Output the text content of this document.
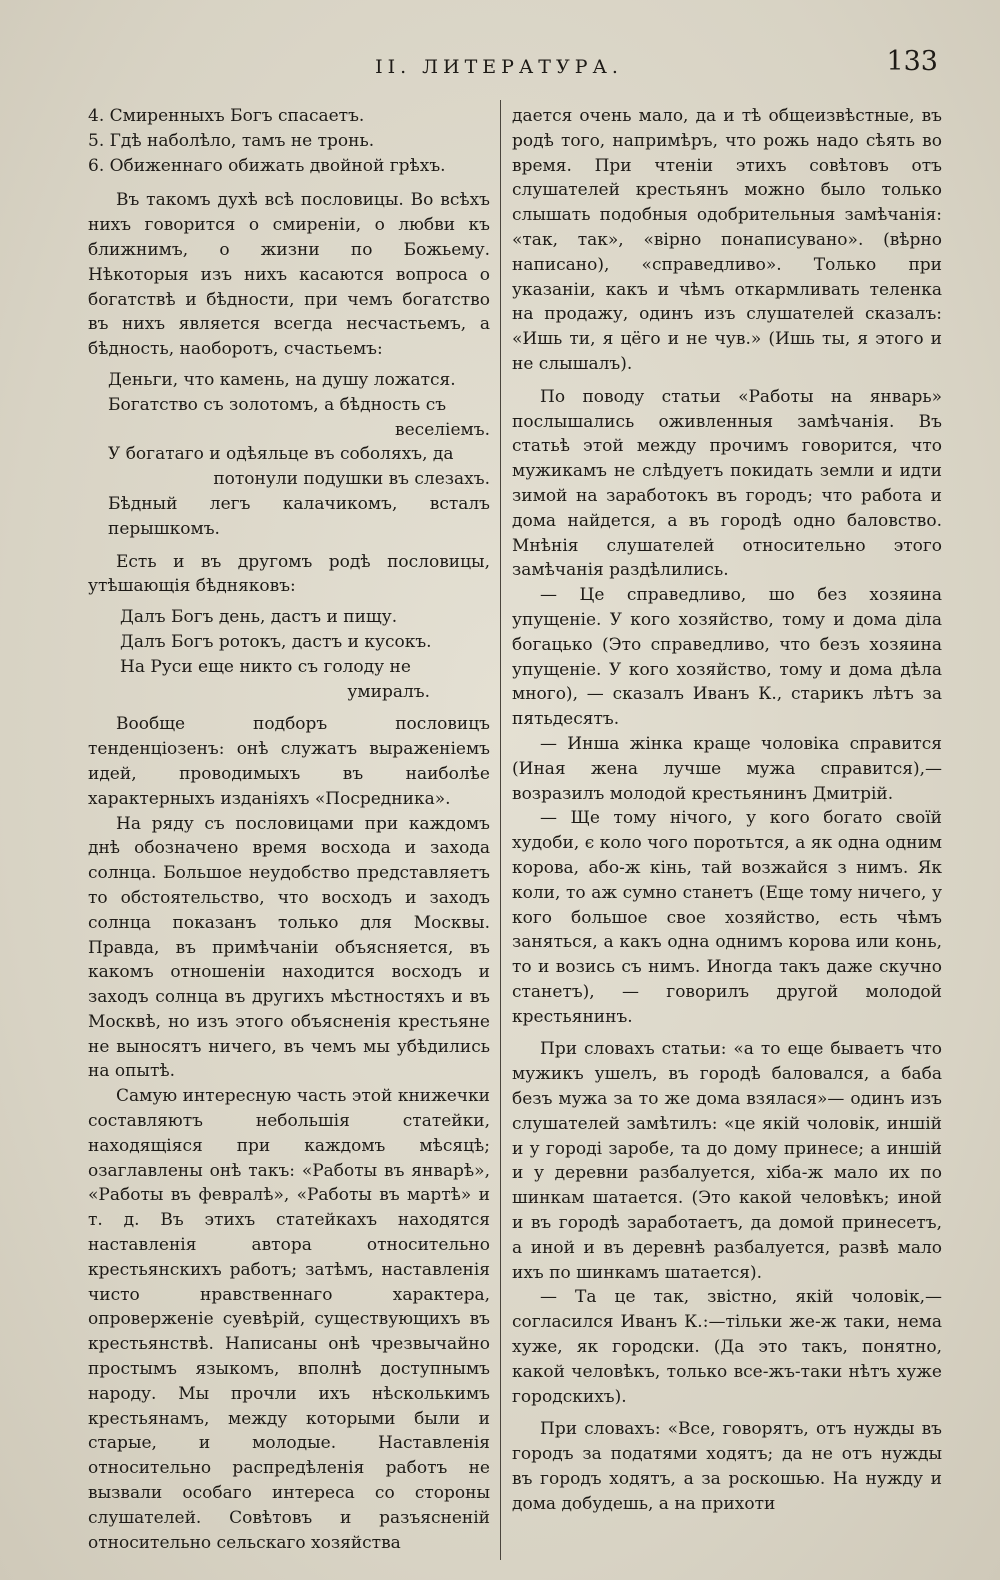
II. ЛИТЕРАТУРА.	133
4. Смиренныхъ Богъ спасаетъ.
5. Гдѣ наболѣло, тамъ не тронь.
6. Обиженнаго обижать двойной грѣхъ.

Въ такомъ духѣ всѣ пословицы. Во всѣхъ нихъ говорится о смиреніи, о любви къ ближнимъ, о жизни по Божьему. Нѣкоторыя изъ нихъ касаются вопроса о богатствѣ и бѣдности, при чемъ богатство въ нихъ является всегда несчастьемъ, а бѣдность, наоборотъ, счастьемъ:

Деньги, что камень, на душу ложатся.
Богатство съ золотомъ, а бѣдность съ
веселіемъ.
У богатаго и одѣяльце въ соболяхъ, да
потонули подушки въ слезахъ.
Бѣдный легъ калачикомъ, всталъ перышкомъ.

Есть и въ другомъ родѣ пословицы, утѣшающія бѣдняковъ:

Далъ Богъ день, дастъ и пищу.
Далъ Богъ ротокъ, дастъ и кусокъ.
На Руси еще никто съ голоду не
умиралъ.

Вообще подборъ пословицъ тенденціозенъ: онѣ служатъ выраженіемъ идей, проводимыхъ въ наиболѣе характерныхъ изданіяхъ «Посредника».

На ряду съ пословицами при каждомъ днѣ обозначено время восхода и захода солнца. Большое неудобство представляетъ то обстоятельство, что восходъ и заходъ солнца показанъ только для Москвы. Правда, въ примѣчаніи объясняется, въ какомъ отношеніи находится восходъ и заходъ солнца въ другихъ мѣстностяхъ и въ Москвѣ, но изъ этого объясненія крестьяне не выносятъ ничего, въ чемъ мы убѣдились на опытѣ.

Самую интересную часть этой книжечки составляютъ небольшія статейки, находящіяся при каждомъ мѣсяцѣ; озаглавлены онѣ такъ: «Работы въ январѣ», «Работы въ февралѣ», «Работы въ мартѣ» и т. д. Въ этихъ статейкахъ находятся наставленія автора относительно крестьянскихъ работъ; затѣмъ, наставленія чисто нравственнаго характера, опроверженіе суевѣрій, существующихъ въ крестьянствѣ. Написаны онѣ чрезвычайно простымъ языкомъ, вполнѣ доступнымъ народу. Мы прочли ихъ нѣсколькимъ крестьянамъ, между которыми были и старые, и молодые. Наставленія относительно распредѣленія работъ не вызвали особаго интереса со стороны слушателей. Совѣтовъ и разъясненій относительно сельскаго хозяйства

дается очень мало, да и тѣ общеизвѣстные, въ родѣ того, напримѣръ, что рожь надо сѣять во время. При чтеніи этихъ совѣтовъ отъ слушателей крестьянъ можно было только слышать подобныя одобрительныя замѣчанія: «так, так», «вірно понаписувано». (вѣрно написано), «справедливо». Только при указаніи, какъ и чѣмъ откармливать теленка на продажу, одинъ изъ слушателей сказалъ: «Ишь ти, я цёго и не чув.» (Ишь ты, я этого и не слышалъ).

По поводу статьи «Работы на январь» послышались оживленныя замѣчанія. Въ статьѣ этой между прочимъ говорится, что мужикамъ не слѣдуетъ покидать земли и идти зимой на заработокъ въ городъ; что работа и дома найдется, а въ городѣ одно баловство. Мнѣнія слушателей относительно этого замѣчанія раздѣлились.

— Це справедливо, шо без хозяина упущеніе. У кого хозяйство, тому и дома діла богацько (Это справедливо, что безъ хозяина упущеніе. У кого хозяйство, тому и дома дѣла много), — сказалъ Иванъ К., старикъ лѣтъ за пятьдесятъ.

— Инша жінка краще чоловіка справится (Иная жена лучше мужа справится),—возразилъ молодой крестьянинъ Дмитрій.

— Ще тому нічого, у кого богато своїй худоби, є коло чого поротьтся, а як одна одним корова, або-ж кінь, тай возжайся з нимъ. Як коли, то аж сумно станетъ (Еще тому ничего, у кого большое свое хозяйство, есть чѣмъ заняться, а какъ одна однимъ корова или конь, то и возись съ нимъ. Иногда такъ даже скучно станетъ), — говорилъ другой молодой крестьянинъ.

При словахъ статьи: «а то еще бываетъ что мужикъ ушелъ, въ городѣ баловался, а баба безъ мужа за то же дома взялася»— одинъ изъ слушателей замѣтилъ: «це якій чоловік, иншій и у городі заробе, та до дому принесе; а иншій и у деревни разбалуется, хіба-ж мало их по шинкам шатается. (Это какой человѣкъ; иной и въ городѣ заработаетъ, да домой принесетъ, а иной и въ деревнѣ разбалуется, развѣ мало ихъ по шинкамъ шатается).

— Та це так, звістно, якій чоловік,—согласился Иванъ К.:—тільки же-ж таки, нема хуже, як городски. (Да это такъ, понятно, какой человѣкъ, только все-жъ-таки нѣтъ хуже городскихъ).

При словахъ: «Все, говорятъ, отъ нужды въ городъ за податями ходятъ; да не отъ нужды въ городъ ходятъ, а за роскошью. На нужду и дома добудешь, а на прихоти
